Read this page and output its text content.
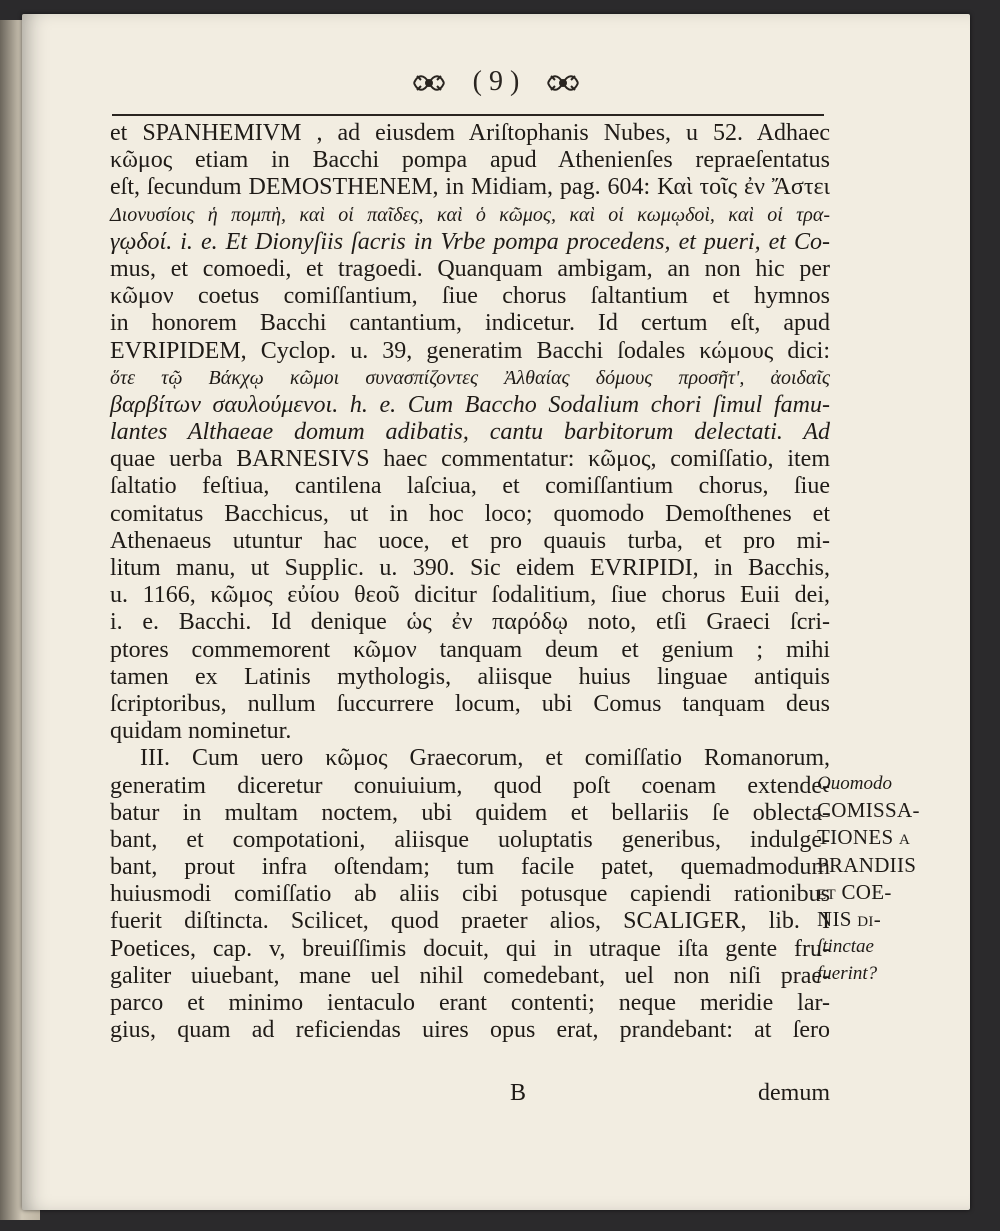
( 9 )
et SPANHEMIVM , ad eiusdem Ariſtophanis Nubes, u 52. Adhaec
κῶμος etiam in Bacchi pompa apud Athenienſes repraeſentatus
eſt, ſecundum DEMOSTHENEM, in Midiam, pag. 604: Καὶ τοῖς ἐν Ἄστει
Διονυσίοις ἡ πομπὴ, καὶ οἱ παῖδες, καὶ ὁ κῶμος, καὶ οἱ κωμῳδοὶ, καὶ οἱ τρα-
γῳδοί. i. e. Et Dionyſiis ſacris in Vrbe pompa procedens, et pueri, et Co-
mus, et comoedi, et tragoedi. Quanquam ambigam, an non hic per
κῶμον coetus comiſſantium, ſiue chorus ſaltantium et hymnos
in honorem Bacchi cantantium, indicetur. Id certum eſt, apud
EVRIPIDEM, Cyclop. u. 39, generatim Bacchi ſodales κώμους dici:
ὅτε τῷ Βάκχῳ κῶμοι συνασπίζοντες Ἀλθαίας δόμους προσῆτ', ἀοιδαῖς
βαρβίτων σαυλούμενοι. h. e. Cum Baccho Sodalium chori ſimul famu-
lantes Althaeae domum adibatis, cantu barbitorum delectati. Ad
quae uerba BARNESIVS haec commentatur: κῶμος, comiſſatio, item
ſaltatio feſtiua, cantilena laſciua, et comiſſantium chorus, ſiue
comitatus Bacchicus, ut in hoc loco; quomodo Demoſthenes et
Athenaeus utuntur hac uoce, et pro quauis turba, et pro mi-
litum manu, ut Supplic. u. 390. Sic eidem EVRIPIDI, in Bacchis,
u. 1166, κῶμος εὐίου θεοῦ dicitur ſodalitium, ſiue chorus Euii dei,
i. e. Bacchi. Id denique ὡς ἐν παρόδῳ noto, etſi Graeci ſcri-
ptores commemorent κῶμον tanquam deum et genium ; mihi
tamen ex Latinis mythologis, aliisque huius linguae antiquis
ſcriptoribus, nullum ſuccurrere locum, ubi Comus tanquam deus
quidam nominetur.
III. Cum uero κῶμος Graecorum, et comiſſatio Romanorum,
generatim diceretur conuiuium, quod poſt coenam extende-
batur in multam noctem, ubi quidem et bellariis ſe oblecta-
bant, et compotationi, aliisque uoluptatis generibus, indulge-
bant, prout infra oſtendam; tum facile patet, quemadmodum
huiusmodi comiſſatio ab aliis cibi potusque capiendi rationibus
fuerit diſtincta. Scilicet, quod praeter alios, SCALIGER, lib. I
Poetices, cap. v, breuiſſimis docuit, qui in utraque iſta gente fru-
galiter uiuebant, mane uel nihil comedebant, uel non niſi prae-
parco et minimo ientaculo erant contenti; neque meridie lar-
gius, quam ad reficiendas uires opus erat, prandebant: at ſero
Quomodo
COMISSA-
TIONES a
PRANDIIS
et COE-
NIS di-
ſtinctae
fuerint?
B	demum
